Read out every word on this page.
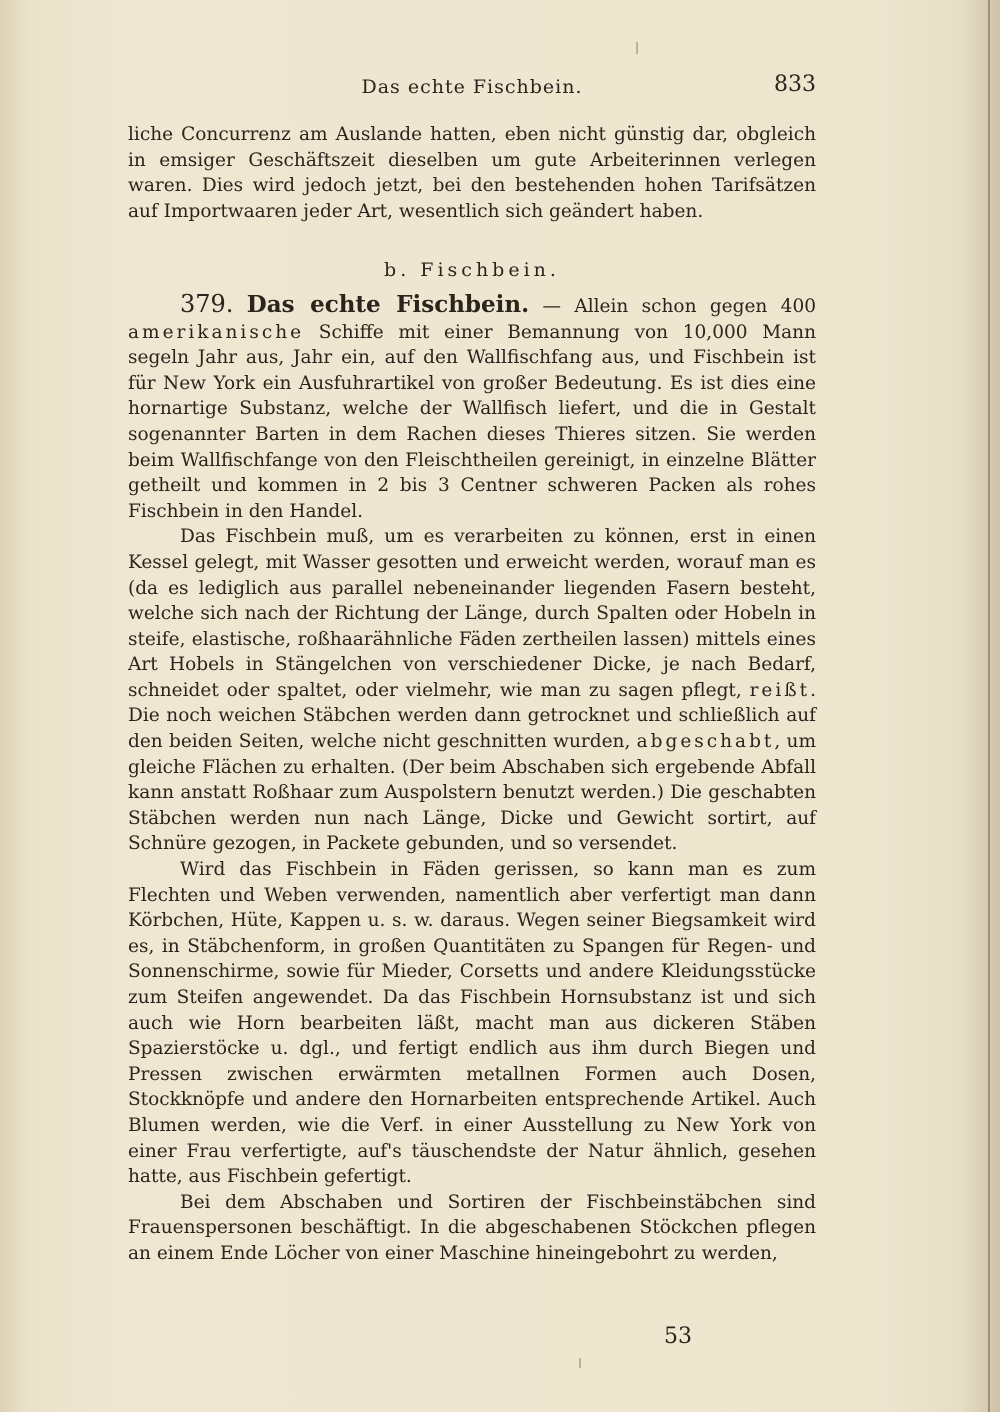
Das echte Fischbein.	833

liche Concurrenz am Auslande hatten, eben nicht günstig dar, obgleich in emsiger Geschäftszeit dieselben um gute Arbeiterinnen verlegen waren. Dies wird jedoch jetzt, bei den bestehenden hohen Tarifsätzen auf Importwaaren jeder Art, wesentlich sich geändert haben.

b. Fischbein.

379. Das echte Fischbein. — Allein schon gegen 400 amerikanische Schiffe mit einer Bemannung von 10,000 Mann segeln Jahr aus, Jahr ein, auf den Wallfischfang aus, und Fischbein ist für New York ein Ausfuhrartikel von großer Bedeutung. Es ist dies eine hornartige Substanz, welche der Wallfisch liefert, und die in Gestalt sogenannter Barten in dem Rachen dieses Thieres sitzen. Sie werden beim Wallfischfange von den Fleischtheilen gereinigt, in einzelne Blätter getheilt und kommen in 2 bis 3 Centner schweren Packen als rohes Fischbein in den Handel.

Das Fischbein muß, um es verarbeiten zu können, erst in einen Kessel gelegt, mit Wasser gesotten und erweicht werden, worauf man es (da es lediglich aus parallel nebeneinander liegenden Fasern besteht, welche sich nach der Richtung der Länge, durch Spalten oder Hobeln in steife, elastische, roßhaarähnliche Fäden zertheilen lassen) mittels eines Art Hobels in Stängelchen von verschiedener Dicke, je nach Bedarf, schneidet oder spaltet, oder vielmehr, wie man zu sagen pflegt, reißt. Die noch weichen Stäbchen werden dann getrocknet und schließlich auf den beiden Seiten, welche nicht geschnitten wurden, abgeschabt, um gleiche Flächen zu erhalten. (Der beim Abschaben sich ergebende Abfall kann anstatt Roßhaar zum Auspolstern benutzt werden.) Die geschabten Stäbchen werden nun nach Länge, Dicke und Gewicht sortirt, auf Schnüre gezogen, in Packete gebunden, und so versendet.

Wird das Fischbein in Fäden gerissen, so kann man es zum Flechten und Weben verwenden, namentlich aber verfertigt man dann Körbchen, Hüte, Kappen u. s. w. daraus. Wegen seiner Biegsamkeit wird es, in Stäbchenform, in großen Quantitäten zu Spangen für Regen- und Sonnenschirme, sowie für Mieder, Corsetts und andere Kleidungsstücke zum Steifen angewendet. Da das Fischbein Hornsubstanz ist und sich auch wie Horn bearbeiten läßt, macht man aus dickeren Stäben Spazierstöcke u. dgl., und fertigt endlich aus ihm durch Biegen und Pressen zwischen erwärmten metallnen Formen auch Dosen, Stockknöpfe und andere den Hornarbeiten entsprechende Artikel. Auch Blumen werden, wie die Verf. in einer Ausstellung zu New York von einer Frau verfertigte, auf's täuschendste der Natur ähnlich, gesehen hatte, aus Fischbein gefertigt.

Bei dem Abschaben und Sortiren der Fischbeinstäbchen sind Frauenspersonen beschäftigt. In die abgeschabenen Stöckchen pflegen an einem Ende Löcher von einer Maschine hineingebohrt zu werden,

53
